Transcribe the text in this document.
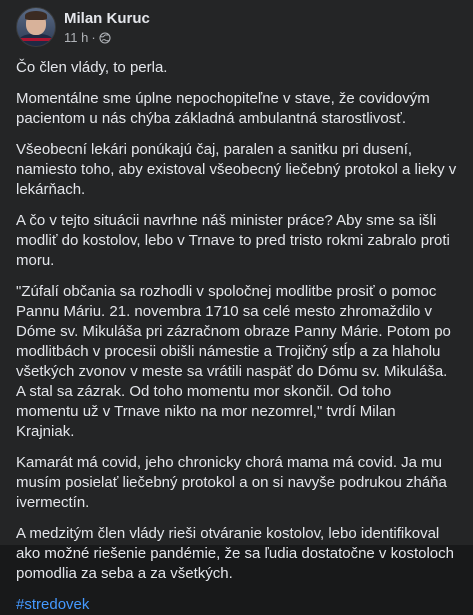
Milan Kuruc
11 h ·

Čo člen vlády, to perla.

Momentálne sme úplne nepochopiteľne v stave, že covidovým pacientom u nás chýba základná ambulantná starostlivosť.

Všeobecní lekári ponúkajú čaj, paralen a sanitku pri dusení, namiesto toho, aby existoval všeobecný liečebný protokol a lieky v lekárňach.

A čo v tejto situácii navrhne náš minister práce? Aby sme sa išli modliť do kostolov, lebo v Trnave to pred tristo rokmi zabralo proti moru.

"Zúfalí občania sa rozhodli v spoločnej modlitbe prosiť o pomoc Pannu Máriu. 21. novembra 1710 sa celé mesto zhromaždilo v Dóme sv. Mikuláša pri zázračnom obraze Panny Márie. Potom po modlitbách v procesii obišli námestie a Trojičný stĺp a za hlaholu všetkých zvonov v meste sa vrátili naspäť do Dómu sv. Mikuláša. A stal sa zázrak. Od toho momentu mor skončil. Od toho momentu už v Trnave nikto na mor nezomrel," tvrdí Milan Krajniak.

Kamarát má covid, jeho chronicky chorá mama má covid. Ja mu musím posielať liečebný protokol a on si navyše podrukou zháňa ivermectín.

A medzitým člen vlády rieši otváranie kostolov, lebo identifikoval ako možné riešenie pandémie, že sa ľudia dostatočne v kostoloch pomodlia za seba a za všetkých.

#stredovek
